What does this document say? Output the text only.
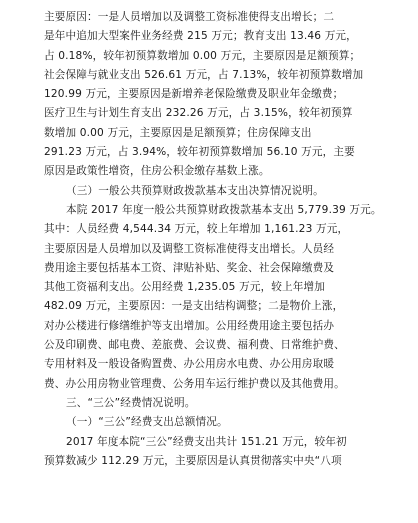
主要原因：一是人员增加以及调整工资标准使得支出增长；二
是年中追加大型案件业务经费 215 万元；教育支出 13.46 万元，
占 0.18%，较年初预算数增加 0.00 万元，主要原因是足额预算；
社会保障与就业支出 526.61 万元，占 7.13%，较年初预算数增加
120.99 万元，主要原因是新增养老保险缴费及职业年金缴费；
医疗卫生与计划生育支出 232.26 万元，占 3.15%，较年初预算
数增加 0.00 万元，主要原因是足额预算；住房保障支出
291.23 万元，占 3.94%，较年初预算数增加 56.10 万元，主要
原因是政策性增资，住房公积金缴存基数上涨。
（三）一般公共预算财政拨款基本支出决算情况说明。
本院 2017 年度一般公共预算财政拨款基本支出 5,779.39 万元。
其中：人员经费 4,544.34 万元，较上年增加 1,161.23 万元，
主要原因是人员增加以及调整工资标准使得支出增长。人员经
费用途主要包括基本工资、津贴补贴、奖金、社会保障缴费及
其他工资福利支出。公用经费 1,235.05 万元，较上年增加
482.09 万元，主要原因：一是支出结构调整；二是物价上涨，
对办公楼进行修缮维护等支出增加。公用经费用途主要包括办
公及印刷费、邮电费、差旅费、会议费、福利费、日常维护费、
专用材料及一般设备购置费、办公用房水电费、办公用房取暖
费、办公用房物业管理费、公务用车运行维护费以及其他费用。
三、“三公”经费情况说明。
（一）“三公”经费支出总额情况。
2017 年度本院“三公”经费支出共计 151.21 万元，较年初
预算数减少 112.29 万元，主要原因是认真贯彻落实中央“八项
